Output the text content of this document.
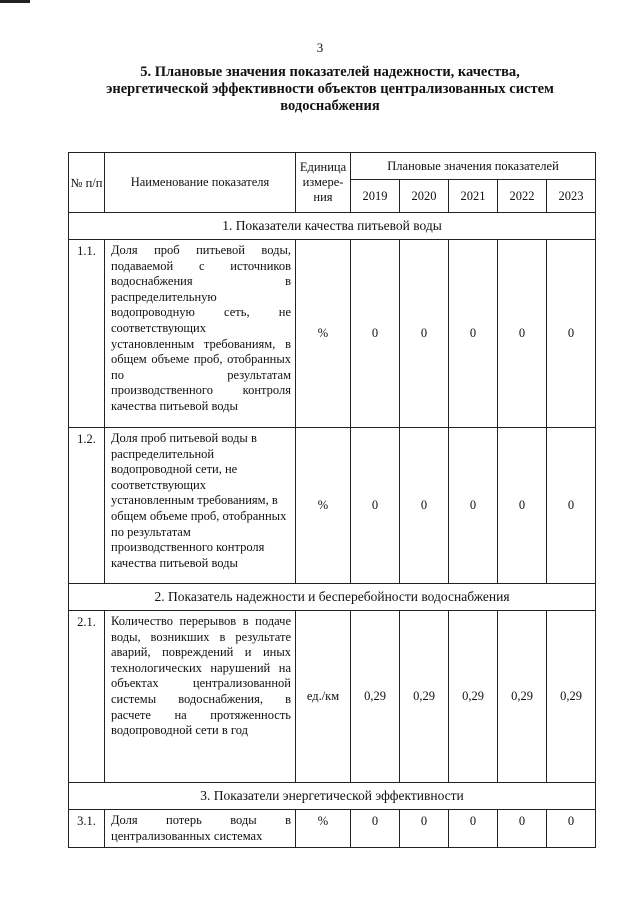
3
5. Плановые значения показателей надежности, качества, энергетической эффективности объектов централизованных систем водоснабжения
№ п/п	Наименование показателя	Единица измере-ния	Плановые значения показателей				
			2019	2020	2021	2022	2023
1. Показатели качества питьевой воды							
1.1.	Доля проб питьевой воды, подаваемой с источников водоснабжения в распределительную водопроводную сеть, не соответствующих установленным требованиям, в общем объеме проб, отобранных по результатам производственного контроля качества питьевой воды	%	0	0	0	0	0
1.2.	Доля проб питьевой воды в распределительной водопроводной сети, не соответствующих установленным требованиям, в общем объеме проб, отобранных по результатам производственного контроля качества питьевой воды	%	0	0	0	0	0
2. Показатель надежности и бесперебойности водоснабжения							
2.1.	Количество перерывов в подаче воды, возникших в результате аварий, повреждений и иных технологических нарушений на объектах централизованной системы водоснабжения, в расчете на протяженность водопроводной сети в год	ед./км	0,29	0,29	0,29	0,29	0,29
3. Показатели энергетической эффективности							
3.1.	Доля потерь воды в централизованных системах	%	0	0	0	0	0
